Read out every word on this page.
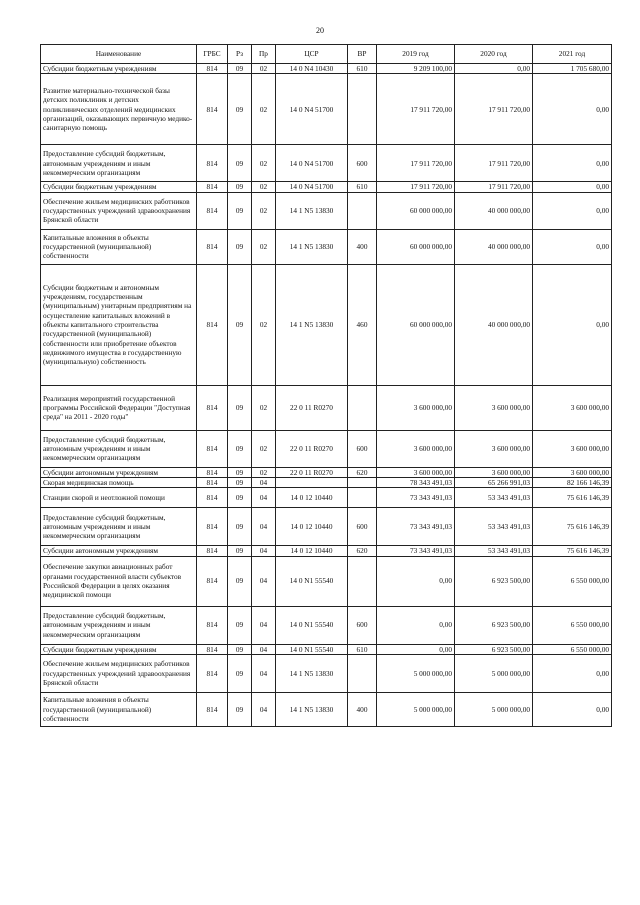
20
Наименование	ГРБС	Рз	Пр	ЦСР	ВР	2019 год	2020 год	2021 год
Субсидии бюджетным учреждениям	814	09	02	14 0 N4 10430	610	9 209 100,00	0,00	1 705 680,00
Развитие материально-технической базы детских поликлиник и детских поликлинических отделений медицинских организаций, оказывающих первичную медико-санитарную помощь	814	09	02	14 0 N4 51700		17 911 720,00	17 911 720,00	0,00
Предоставление субсидий бюджетным, автономным учреждениям и иным некоммерческим организациям	814	09	02	14 0 N4 51700	600	17 911 720,00	17 911 720,00	0,00
Субсидии бюджетным учреждениям	814	09	02	14 0 N4 51700	610	17 911 720,00	17 911 720,00	0,00
Обеспечение жильем медицинских работников государственных учреждений здравоохранения Брянской области	814	09	02	14 1 N5 13830		60 000 000,00	40 000 000,00	0,00
Капитальные вложения в объекты государственной (муниципальной) собственности	814	09	02	14 1 N5 13830	400	60 000 000,00	40 000 000,00	0,00
Субсидии бюджетным и автономным учреждениям, государственным (муниципальным) унитарным предприятиям на осуществление капитальных вложений в объекты капитального строительства государственной (муниципальной) собственности или приобретение объектов недвижимого имущества в государственную (муниципальную) собственность	814	09	02	14 1 N5 13830	460	60 000 000,00	40 000 000,00	0,00
Реализация мероприятий государственной программы Российской Федерации "Доступная среда" на 2011 - 2020 годы"	814	09	02	22 0 11 R0270		3 600 000,00	3 600 000,00	3 600 000,00
Предоставление субсидий бюджетным, автономным учреждениям и иным некоммерческим организациям	814	09	02	22 0 11 R0270	600	3 600 000,00	3 600 000,00	3 600 000,00
Субсидии автономным учреждениям	814	09	02	22 0 11 R0270	620	3 600 000,00	3 600 000,00	3 600 000,00
Скорая медицинская помощь	814	09	04			78 343 491,03	65 266 991,03	82 166 146,39
Станции скорой и неотложной помощи	814	09	04	14 0 12 10440		73 343 491,03	53 343 491,03	75 616 146,39
Предоставление субсидий бюджетным, автономным учреждениям и иным некоммерческим организациям	814	09	04	14 0 12 10440	600	73 343 491,03	53 343 491,03	75 616 146,39
Субсидии автономным учреждениям	814	09	04	14 0 12 10440	620	73 343 491,03	53 343 491,03	75 616 146,39
Обеспечение закупки авиационных работ органами государственной власти субъектов Российской Федерации в целях оказания медицинской помощи	814	09	04	14 0 N1 55540		0,00	6 923 500,00	6 550 000,00
Предоставление субсидий бюджетным, автономным учреждениям и иным некоммерческим организациям	814	09	04	14 0 N1 55540	600	0,00	6 923 500,00	6 550 000,00
Субсидии бюджетным учреждениям	814	09	04	14 0 N1 55540	610	0,00	6 923 500,00	6 550 000,00
Обеспечение жильем медицинских работников государственных учреждений здравоохранения Брянской области	814	09	04	14 1 N5 13830		5 000 000,00	5 000 000,00	0,00
Капитальные вложения в объекты государственной (муниципальной) собственности	814	09	04	14 1 N5 13830	400	5 000 000,00	5 000 000,00	0,00
